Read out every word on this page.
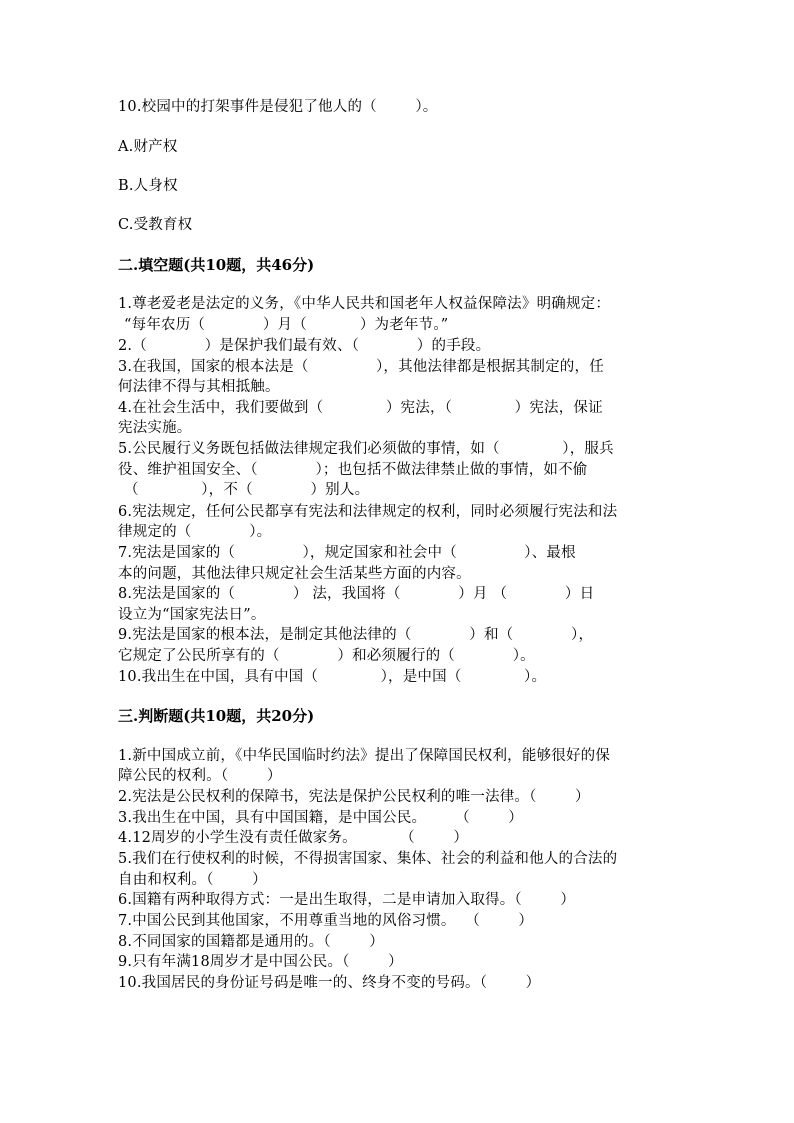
10.校园中的打架事件是侵犯了他人的（        ）。
A.财产权
B.人身权
C.受教育权
二.填空题(共10题，共46分)
1.尊老爱老是法定的义务，《中华人民共和国老年人权益保障法》明确规定：
“每年农历（            ）月（           ）为老年节。”
2.（            ）是保护我们最有效、（            ）的手段。
3.在我国，国家的根本法是（              ），其他法律都是根据其制定的，任
何法律不得与其相抵触。
4.在社会生活中，我们要做到（             ）宪法，（             ）宪法，保证
宪法实施。
5.公民履行义务既包括做法律规定我们必须做的事情，如（             ），服兵
役、维护祖国安全、（            ）；也包括不做法律禁止做的事情，如不偷
（             ），不（            ）别人。
6.宪法规定，任何公民都享有宪法和法律规定的权利，同时必须履行宪法和法
律规定的（            ）。
7.宪法是国家的（              ），规定国家和社会中（              ）、最根
本的问题，其他法律只规定社会生活某些方面的内容。
8.宪法是国家的（            ） 法，我国将（            ）月 （            ）日
设立为“国家宪法日”。
9.宪法是国家的根本法，是制定其他法律的（            ）和（            ），
它规定了公民所享有的（            ）和必须履行的（            ）。
10.我出生在中国，具有中国（             ），是中国（             ）。
三.判断题(共10题，共20分)
1.新中国成立前，《中华民国临时约法》提出了保障国民权利，能够很好的保
障公民的权利。（        ）
2.宪法是公民权利的保障书，宪法是保护公民权利的唯一法律。（        ）
3.我出生在中国，具有中国国籍，是中国公民。      （        ）
4.12周岁的小学生没有责任做家务。         （        ）
5.我们在行使权利的时候，不得损害国家、集体、社会的利益和他人的合法的
自由和权利。（        ）
6.国籍有两种取得方式：一是出生取得，二是申请加入取得。（        ）
7.中国公民到其他国家，不用尊重当地的风俗习惯。  （        ）
8.不同国家的国籍都是通用的。（        ）
9.只有年满18周岁才是中国公民。（        ）
10.我国居民的身份证号码是唯一的、终身不变的号码。（        ）
